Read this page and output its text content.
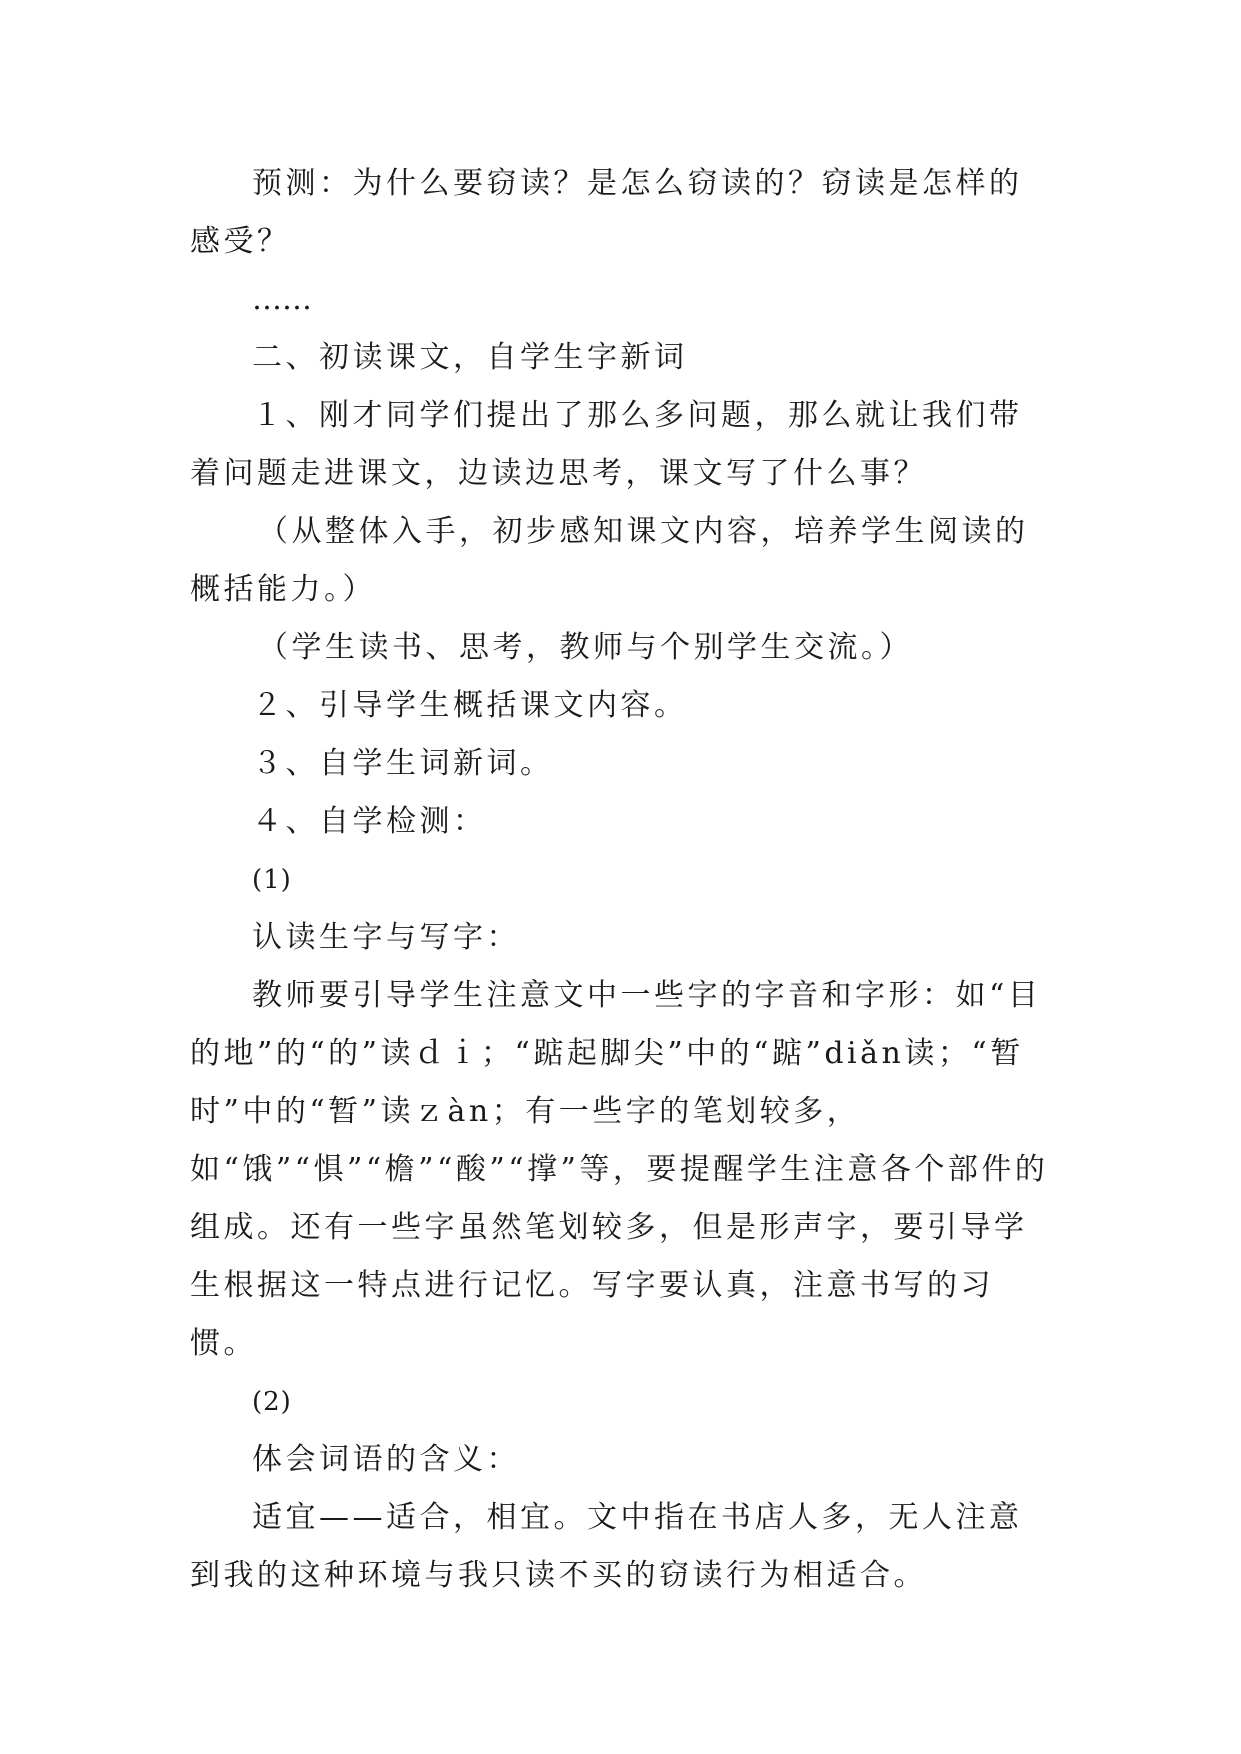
预测：为什么要窃读？是怎么窃读的？窃读是怎样的感受？

……

二、初读课文，自学生字新词

１、刚才同学们提出了那么多问题，那么就让我们带着问题走进课文，边读边思考，课文写了什么事？

（从整体入手，初步感知课文内容，培养学生阅读的概括能力。）

（学生读书、思考，教师与个别学生交流。）

２、引导学生概括课文内容。

３、自学生词新词。

４、自学检测：

(1)

认读生字与写字：

教师要引导学生注意文中一些字的字音和字形：如“目的地”的“的”读ｄｉ；“踮起脚尖”中的“踮”diǎn读；“暂时”中的“暂”读ｚàn；有一些字的笔划较多，如“饿”“惧”“檐”“酸”“撑”等，要提醒学生注意各个部件的组成。还有一些字虽然笔划较多，但是形声字，要引导学生根据这一特点进行记忆。写字要认真，注意书写的习惯。

(2)

体会词语的含义：

适宜——适合，相宜。文中指在书店人多，无人注意到我的这种环境与我只读不买的窃读行为相适合。
